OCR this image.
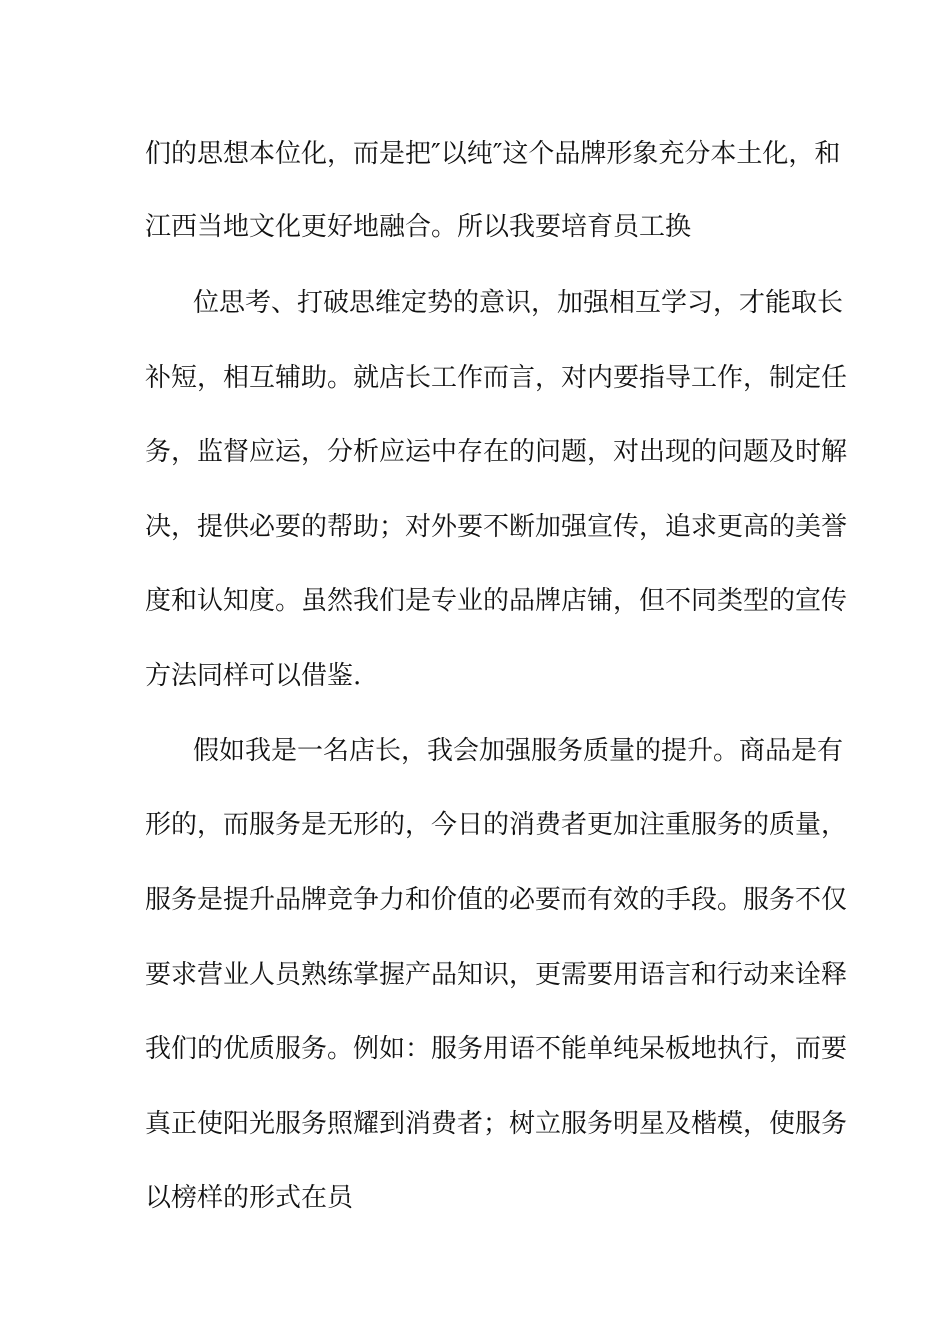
们的思想本位化，而是把″以纯″这个品牌形象充分本土化，和
江西当地文化更好地融合。所以我要培育员工换
位思考、打破思维定势的意识，加强相互学习，才能取长
补短，相互辅助。就店长工作而言，对内要指导工作，制定任
务，监督应运，分析应运中存在的问题，对出现的问题及时解
决，提供必要的帮助；对外要不断加强宣传，追求更高的美誉
度和认知度。虽然我们是专业的品牌店铺，但不同类型的宣传
方法同样可以借鉴.
假如我是一名店长，我会加强服务质量的提升。商品是有
形的，而服务是无形的，今日的消费者更加注重服务的质量，
服务是提升品牌竞争力和价值的必要而有效的手段。服务不仅
要求营业人员熟练掌握产品知识，更需要用语言和行动来诠释
我们的优质服务。例如：服务用语不能单纯呆板地执行，而要
真正使阳光服务照耀到消费者；树立服务明星及楷模，使服务
以榜样的形式在员
